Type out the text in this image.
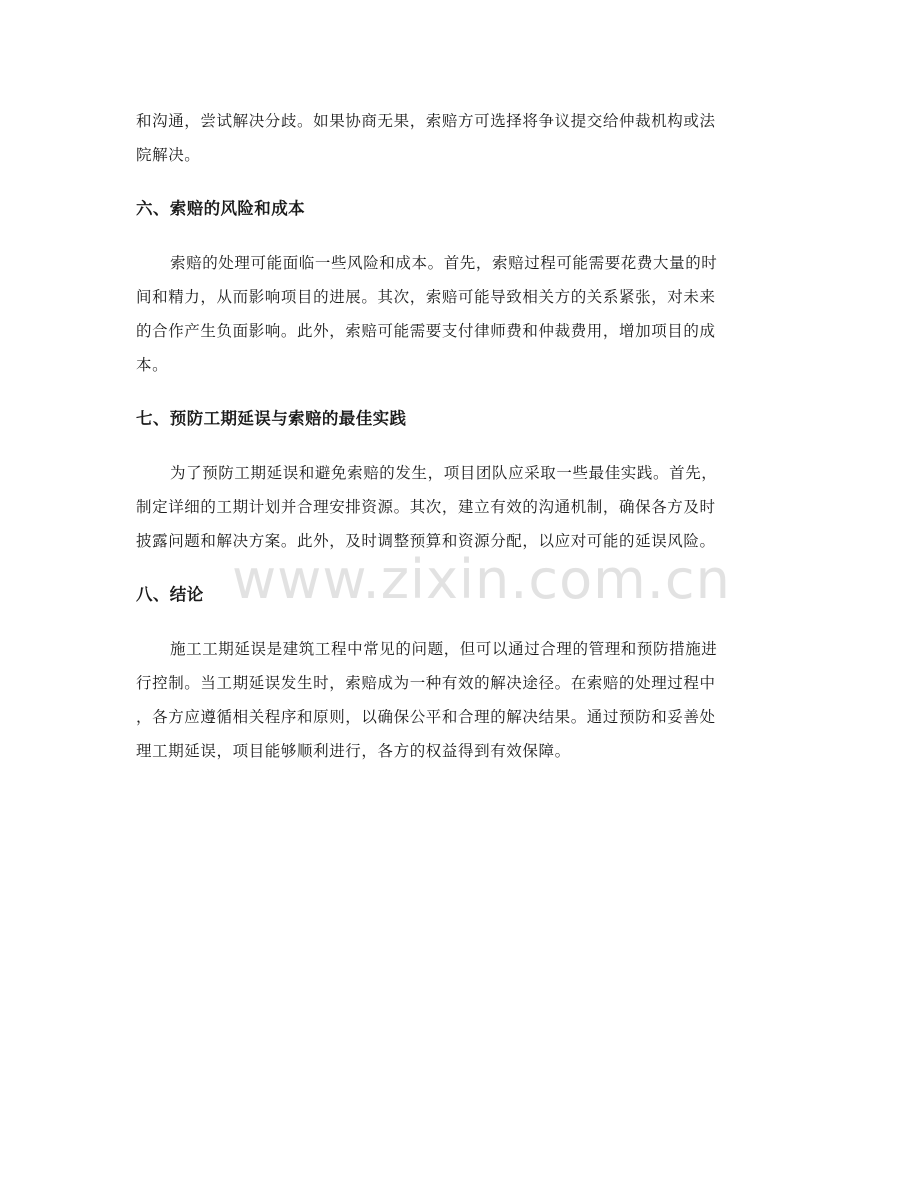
和沟通，尝试解决分歧。如果协商无果，索赔方可选择将争议提交给仲裁机构或法
院解决。

六、索赔的风险和成本

索赔的处理可能面临一些风险和成本。首先，索赔过程可能需要花费大量的时
间和精力，从而影响项目的进展。其次，索赔可能导致相关方的关系紧张，对未来
的合作产生负面影响。此外，索赔可能需要支付律师费和仲裁费用，增加项目的成
本。

七、预防工期延误与索赔的最佳实践

为了预防工期延误和避免索赔的发生，项目团队应采取一些最佳实践。首先，
制定详细的工期计划并合理安排资源。其次，建立有效的沟通机制，确保各方及时
披露问题和解决方案。此外，及时调整预算和资源分配，以应对可能的延误风险。

八、结论

施工工期延误是建筑工程中常见的问题，但可以通过合理的管理和预防措施进
行控制。当工期延误发生时，索赔成为一种有效的解决途径。在索赔的处理过程中
，各方应遵循相关程序和原则，以确保公平和合理的解决结果。通过预防和妥善处
理工期延误，项目能够顺利进行，各方的权益得到有效保障。

www.zixin.com.cn
